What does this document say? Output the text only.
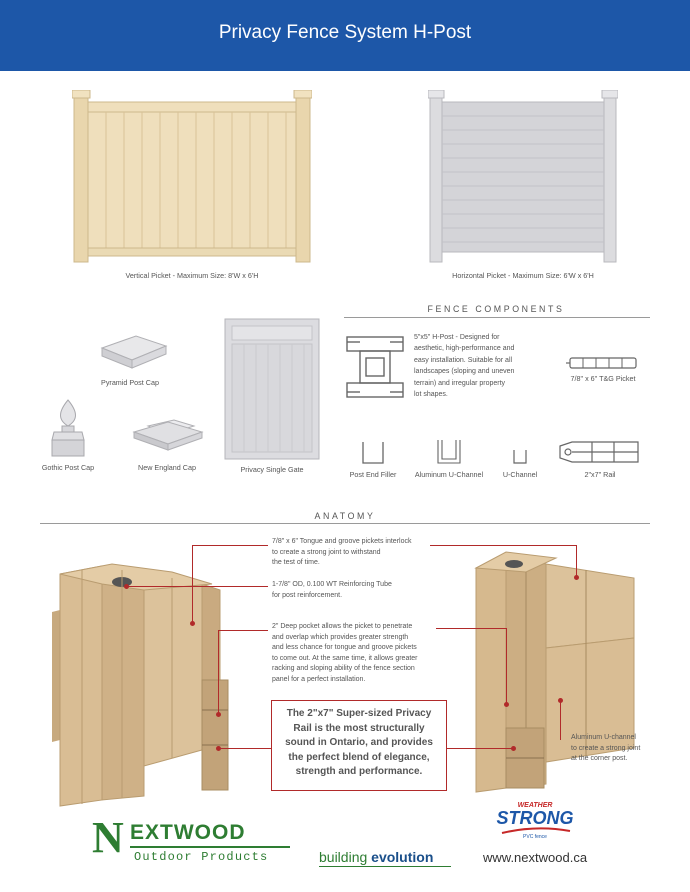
Privacy Fence System H-Post
Vertical Picket - Maximum Size: 8'W x 6'H	Horizontal Picket - Maximum Size: 6'W x 6'H
FENCE COMPONENTS
Pyramid Post Cap
Gothic Post Cap	New England Cap	Privacy Single Gate
5"x5" H-Post - Designed for
aesthetic, high-performance and
easy installation. Suitable for all
landscapes (sloping and uneven
terrain) and irregular property
lot shapes.
7/8" x 6" T&G Picket
Post End Filler	Aluminum U-Channel	U-Channel	2"x7" Rail
ANATOMY
7/8" x 6" Tongue and groove pickets interlock
to create a strong joint to withstand
the test of time.
1-7/8" OD, 0.100 WT Reinforcing Tube
for post reinforcement.
2" Deep pocket allows the picket to penetrate
and overlap which provides greater strength
and less chance for tongue and groove pickets
to come out. At the same time, it allows greater
racking and sloping ability of the fence section
panel for a perfect installation.
The 2"x7" Super-sized Privacy
Rail is the most structurally
sound in Ontario, and provides
the perfect blend of elegance,
strength and performance.
Aluminum U-channel
to create a strong joint
at the corner post.
N EXTWOOD
Outdoor Products	building evolution
WEATHER
STRONG
PVC fence
www.nextwood.ca
